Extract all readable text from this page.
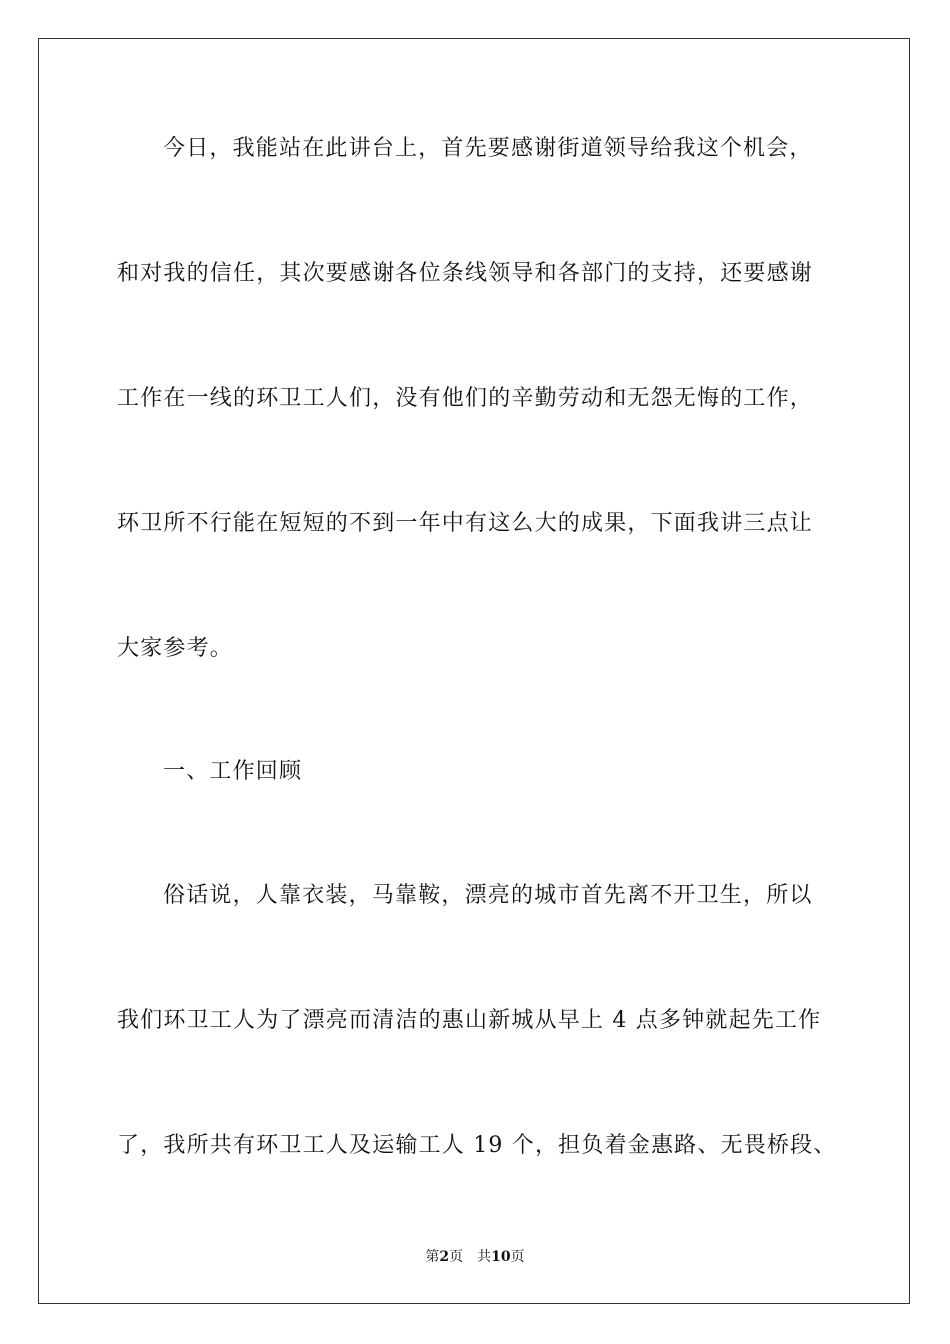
今日，我能站在此讲台上，首先要感谢街道领导给我这个机会，
和对我的信任，其次要感谢各位条线领导和各部门的支持，还要感谢
工作在一线的环卫工人们，没有他们的辛勤劳动和无怨无悔的工作，
环卫所不行能在短短的不到一年中有这么大的成果，下面我讲三点让
大家参考。
一、工作回顾
俗话说，人靠衣装，马靠鞍，漂亮的城市首先离不开卫生，所以
我们环卫工人为了漂亮而清洁的惠山新城从早上 4 点多钟就起先工作
了，我所共有环卫工人及运输工人 19 个，担负着金惠路、无畏桥段、
第2页 共10页
